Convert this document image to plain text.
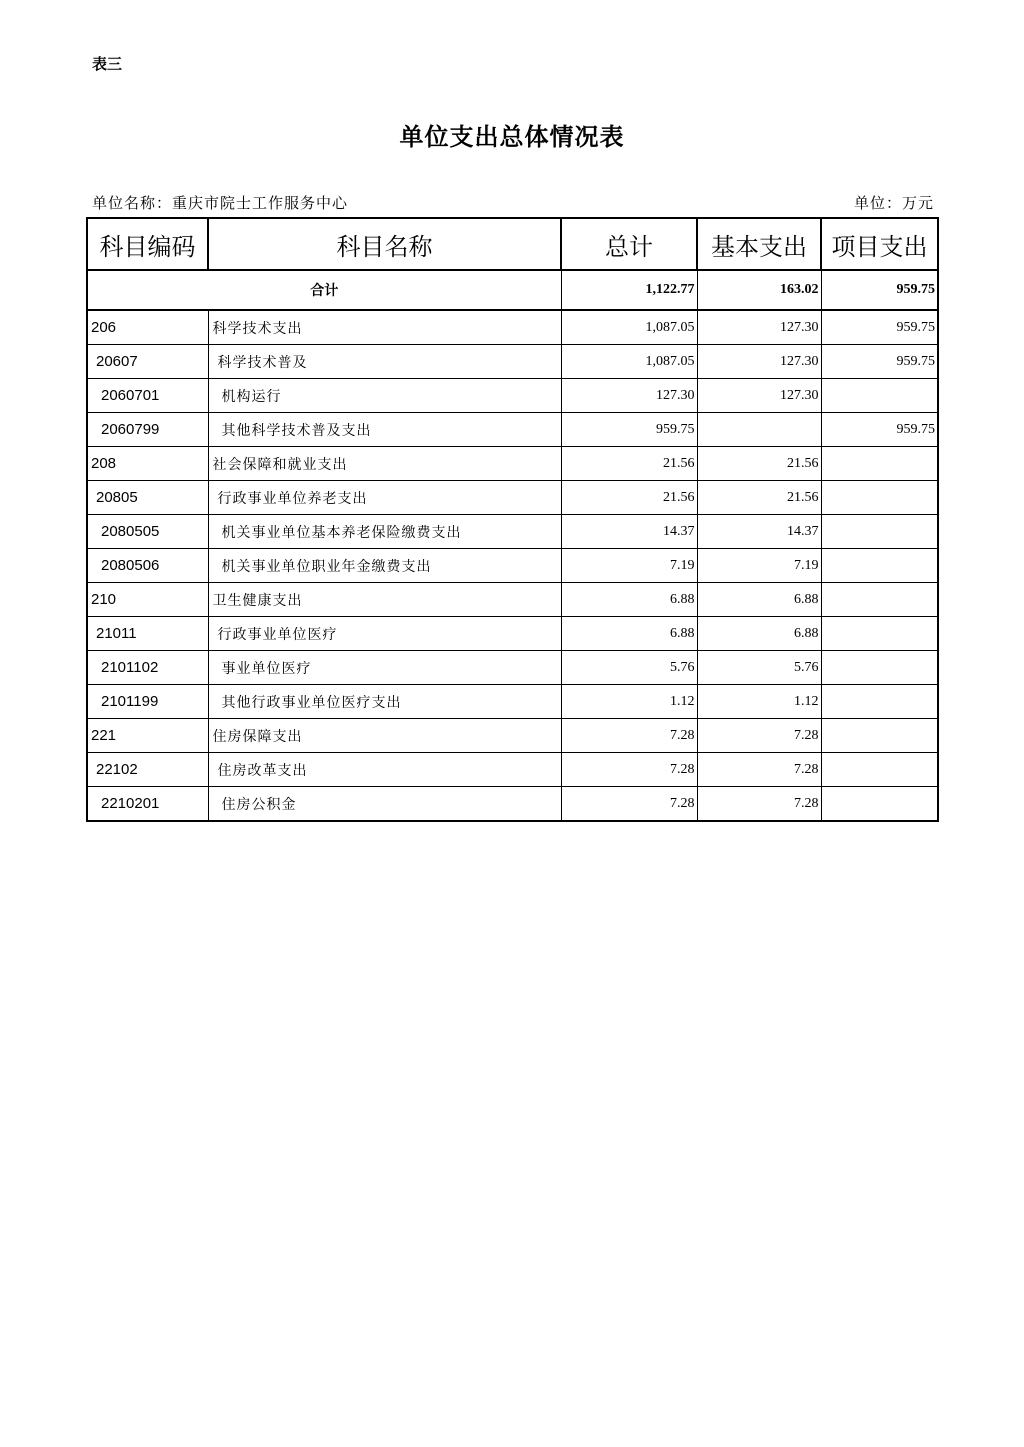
表三
单位支出总体情况表
单位名称：重庆市院士工作服务中心	单位：万元
科目编码	科目名称	总计	基本支出	项目支出
合计		1,122.77	163.02	959.75
206	科学技术支出	1,087.05	127.30	959.75
20607	科学技术普及	1,087.05	127.30	959.75
2060701	机构运行	127.30	127.30	
2060799	其他科学技术普及支出	959.75		959.75
208	社会保障和就业支出	21.56	21.56	
20805	行政事业单位养老支出	21.56	21.56	
2080505	机关事业单位基本养老保险缴费支出	14.37	14.37	
2080506	机关事业单位职业年金缴费支出	7.19	7.19	
210	卫生健康支出	6.88	6.88	
21011	行政事业单位医疗	6.88	6.88	
2101102	事业单位医疗	5.76	5.76	
2101199	其他行政事业单位医疗支出	1.12	1.12	
221	住房保障支出	7.28	7.28	
22102	住房改革支出	7.28	7.28	
2210201	住房公积金	7.28	7.28	
